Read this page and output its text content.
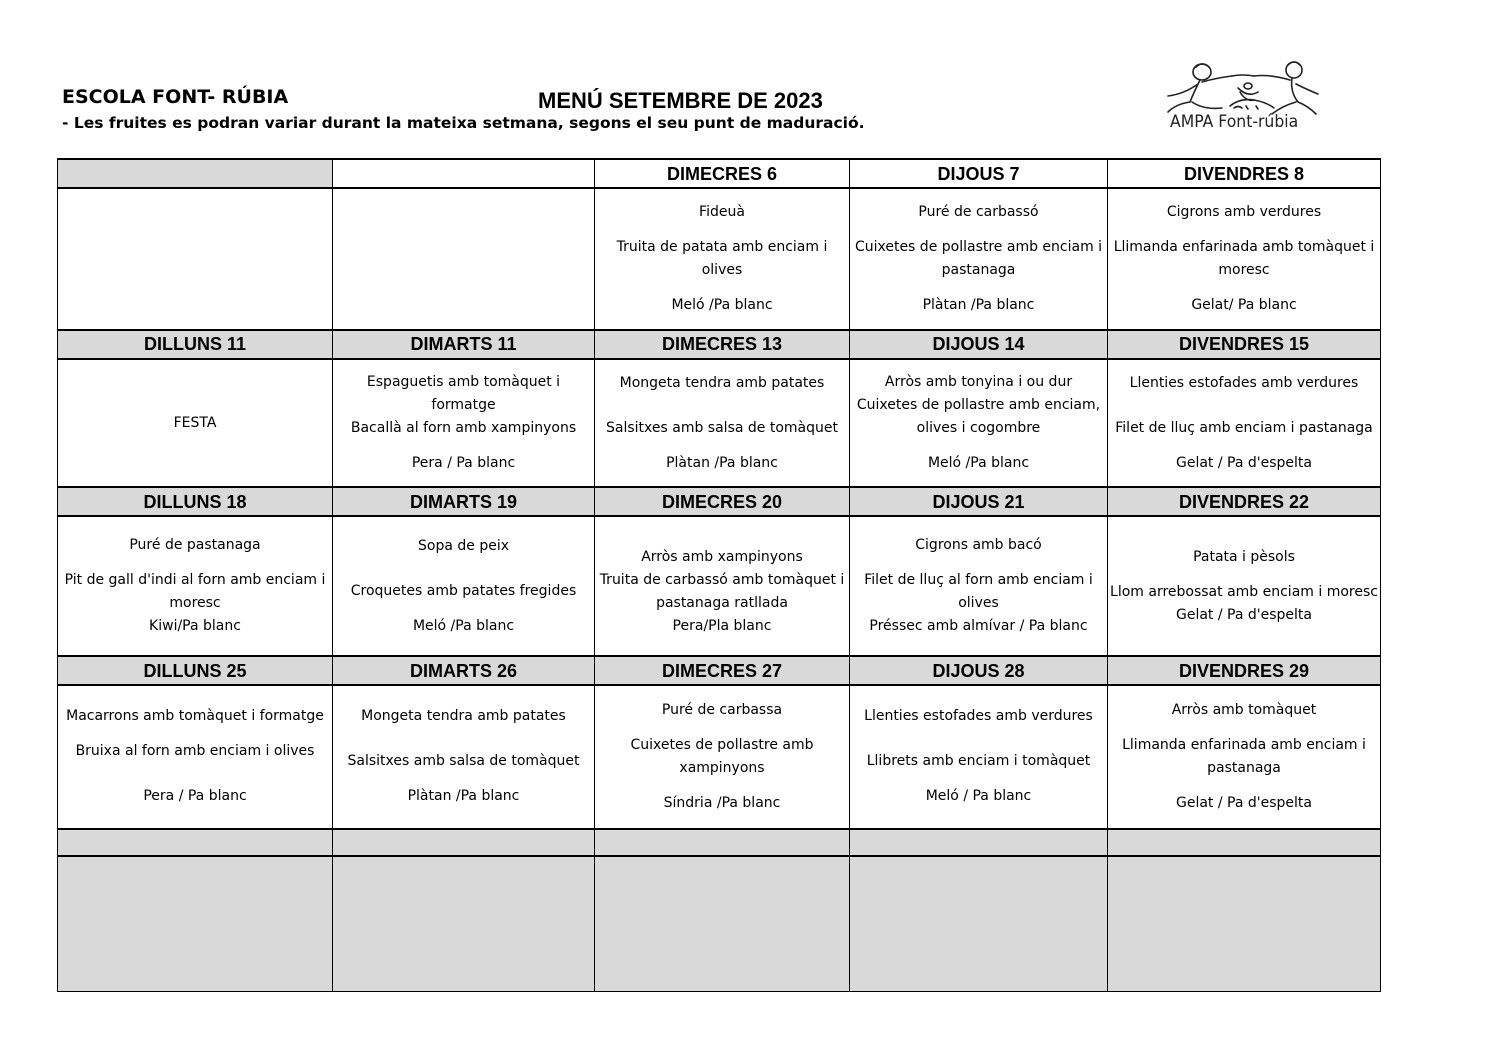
ESCOLA FONT- RÚBIA	MENÚ SETEMBRE DE 2023
- Les fruites es podran variar durant la mateixa setmana, segons el seu punt de maduració.	AMPA Font-rúbia
		DIMECRES 6	DIJOUS 7	DIVENDRES 8

		Fideuà
Truita de patata amb enciam i olives
Meló /Pa blanc	Puré de carbassó
Cuixetes de pollastre amb enciam i pastanaga
Plàtan /Pa blanc	Cigrons amb verdures
Llimanda enfarinada amb tomàquet i moresc
Gelat/ Pa blanc

DILLUNS 11	DIMARTS 11	DIMECRES 13	DIJOUS 14	DIVENDRES 15

FESTA	Espaguetis amb tomàquet i formatge
Bacallà al forn amb xampinyons
Pera / Pa blanc	Mongeta tendra amb patates
Salsitxes amb salsa de tomàquet
Plàtan /Pa blanc	Arròs amb tonyina i ou dur
Cuixetes de pollastre amb enciam, olives i cogombre
Meló /Pa blanc	Llenties estofades amb verdures
Filet de lluç amb enciam i pastanaga
Gelat / Pa d'espelta

DILLUNS 18	DIMARTS 19	DIMECRES 20	DIJOUS 21	DIVENDRES 22

Puré de pastanaga
Pit de gall d'indi al forn amb enciam i moresc
Kiwi/Pa blanc	Sopa de peix
Croquetes amb patates fregides
Meló /Pa blanc	Arròs amb xampinyons
Truita de carbassó amb tomàquet i pastanaga ratllada
Pera/Pla blanc	Cigrons amb bacó
Filet de lluç al forn amb enciam i olives
Préssec amb almívar / Pa blanc	Patata i pèsols
Llom arrebossat amb enciam i moresc
Gelat / Pa d'espelta

DILLUNS 25	DIMARTS 26	DIMECRES 27	DIJOUS 28	DIVENDRES 29

Macarrons amb tomàquet i formatge
Bruixa al forn amb enciam i olives
Pera / Pa blanc	Mongeta tendra amb patates
Salsitxes amb salsa de tomàquet
Plàtan /Pa blanc	Puré de carbassa
Cuixetes de pollastre amb xampinyons
Síndria /Pa blanc	Llenties estofades amb verdures
Llibrets amb enciam i tomàquet
Meló / Pa blanc	Arròs amb tomàquet
Llimanda enfarinada amb enciam i pastanaga
Gelat / Pa d'espelta
